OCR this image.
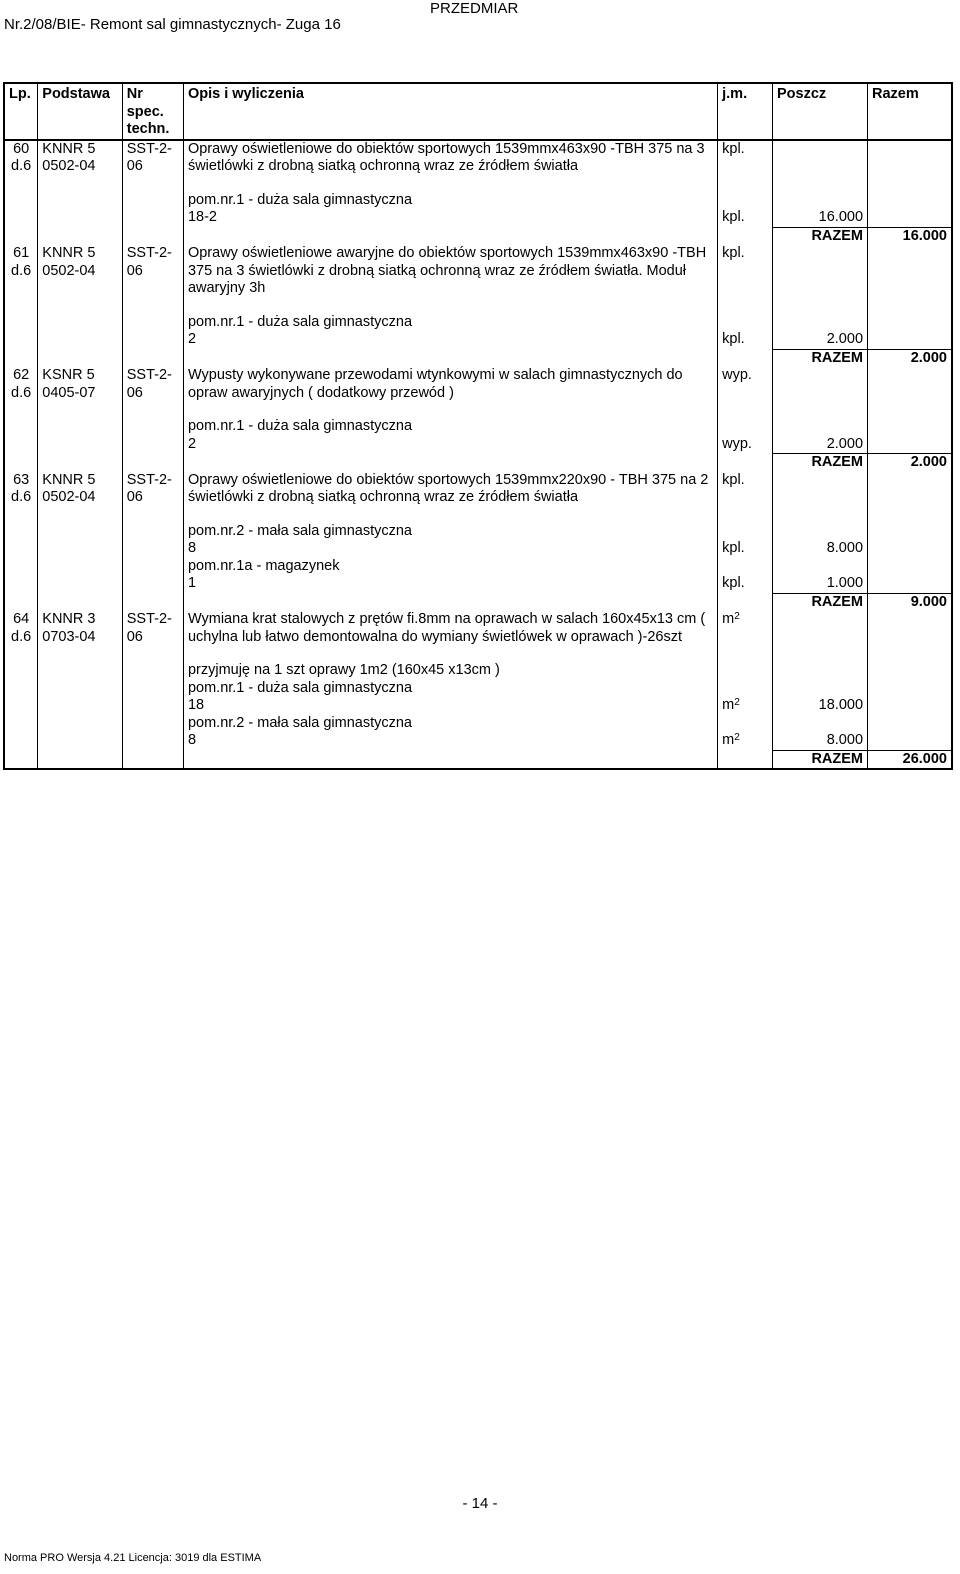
Nr.2/08/BIE- Remont sal gimnastycznych- Zuga 16
PRZEDMIAR
Lp.	Podstawa	Nr spec. techn.	Opis i wyliczenia	j.m.	Poszcz	Razem
60 d.6	KNNR 5 0502-04	SST-2-06	Oprawy oświetleniowe do obiektów sportowych 1539mmx463x90 -TBH 375 na 3 świetlówki z drobną siatką ochronną wraz ze źródłem światła	kpl.		

			pom.nr.1 - duża sala gimnastyczna			
			18-2	kpl.	16.000	
					RAZEM	16.000
61 d.6	KNNR 5 0502-04	SST-2-06	Oprawy oświetleniowe awaryjne do obiektów sportowych 1539mmx463x90 -TBH 375 na 3 świetlówki z drobną siatką ochronną wraz ze źródłem światła. Moduł awaryjny 3h	kpl.		

			pom.nr.1 - duża sala gimnastyczna			
			2	kpl.	2.000	
					RAZEM	2.000
62 d.6	KSNR 5 0405-07	SST-2-06	Wypusty wykonywane przewodami wtynkowymi w salach gimnastycznych do opraw awaryjnych ( dodatkowy przewód )	wyp.		

			pom.nr.1 - duża sala gimnastyczna			
			2	wyp.	2.000	
					RAZEM	2.000
63 d.6	KNNR 5 0502-04	SST-2-06	Oprawy oświetleniowe do obiektów sportowych 1539mmx220x90 - TBH 375 na 2 świetlówki z drobną siatką ochronną wraz ze źródłem światła	kpl.		

			pom.nr.2 - mała sala gimnastyczna			
			8	kpl.	8.000	
			pom.nr.1a - magazynek			
			1	kpl.	1.000	
					RAZEM	9.000
64 d.6	KNNR 3 0703-04	SST-2-06	Wymiana krat stalowych z prętów fi.8mm na oprawach w salach 160x45x13 cm ( uchylna lub łatwo demontowalna do wymiany świetlówek w oprawach )-26szt	$m^2$		

			przyjmuję na 1 szt oprawy 1m2 (160x45 x13cm )			
			pom.nr.1 - duża sala gimnastyczna			
			18	$m^2$	18.000	
			pom.nr.2 - mała sala gimnastyczna			
			8	$m^2$	8.000	
					RAZEM	26.000
- 14 -
Norma PRO Wersja 4.21 Licencja: 3019 dla ESTIMA
